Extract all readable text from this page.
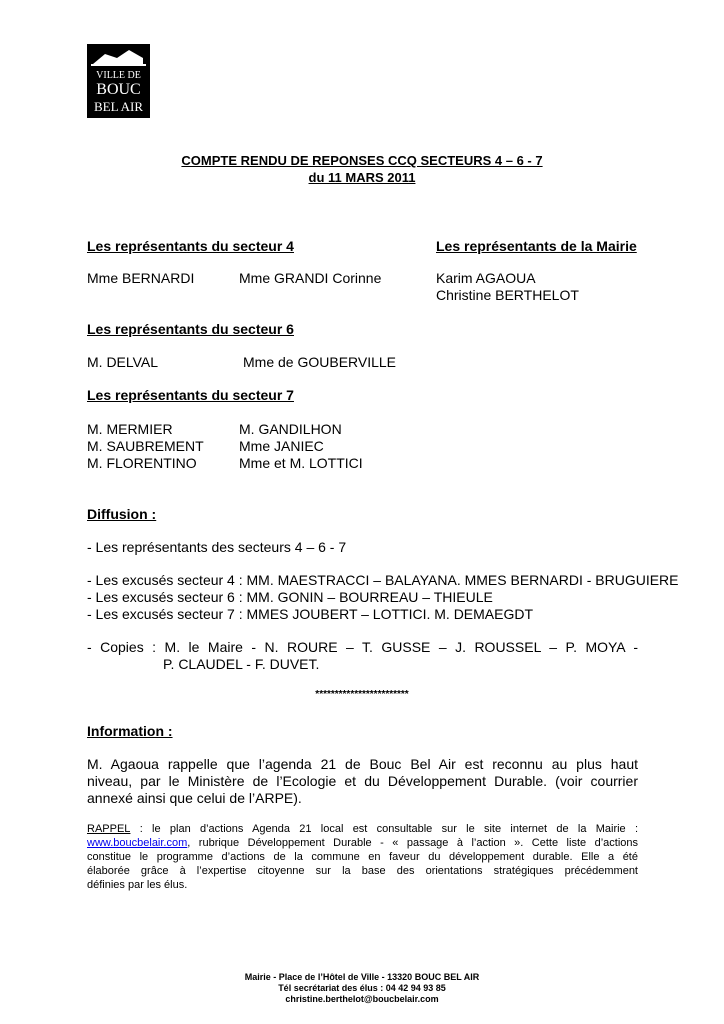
VILLE DE
BOUC
BEL AIR
COMPTE RENDU DE REPONSES CCQ SECTEURS 4 – 6 - 7
du 11 MARS 2011
Les représentants du secteur 4	Les représentants de la Mairie
Mme BERNARDI	Mme GRANDI Corinne	Karim AGAOUA
Christine BERTHELOT
Les représentants du secteur 6
M. DELVAL	Mme de GOUBERVILLE
Les représentants du secteur 7
M. MERMIER	M. GANDILHON
M. SAUBREMENT	Mme JANIEC
M. FLORENTINO	Mme et M. LOTTICI
Diffusion :
- Les représentants des secteurs 4 – 6 - 7
- Les excusés secteur 4 : MM. MAESTRACCI – BALAYANA. MMES BERNARDI - BRUGUIERE
- Les excusés secteur 6 : MM. GONIN – BOURREAU – THIEULE
- Les excusés secteur 7 : MMES JOUBERT – LOTTICI. M. DEMAEGDT
- Copies : M. le Maire - N. ROURE – T. GUSSE – J. ROUSSEL – P. MOYA -
P. CLAUDEL - F. DUVET.
************************
Information :
M. Agaoua rappelle que l’agenda 21 de Bouc Bel Air est reconnu au plus haut
niveau, par le Ministère de l’Ecologie et du Développement Durable. (voir courrier
annexé ainsi que celui de l’ARPE).
RAPPEL : le plan d’actions Agenda 21 local est consultable sur le site internet de la Mairie :
www.boucbelair.com , rubrique Développement Durable - « passage à l’action ». Cette liste d’actions
constitue le programme d’actions de la commune en faveur du développement durable. Elle a été
élaborée grâce à l’expertise citoyenne sur la base des orientations stratégiques précédemment
définies par les élus.
Mairie - Place de l’Hôtel de Ville - 13320 BOUC BEL AIR
Tél secrétariat des élus : 04 42 94 93 85
christine.berthelot@boucbelair.com
